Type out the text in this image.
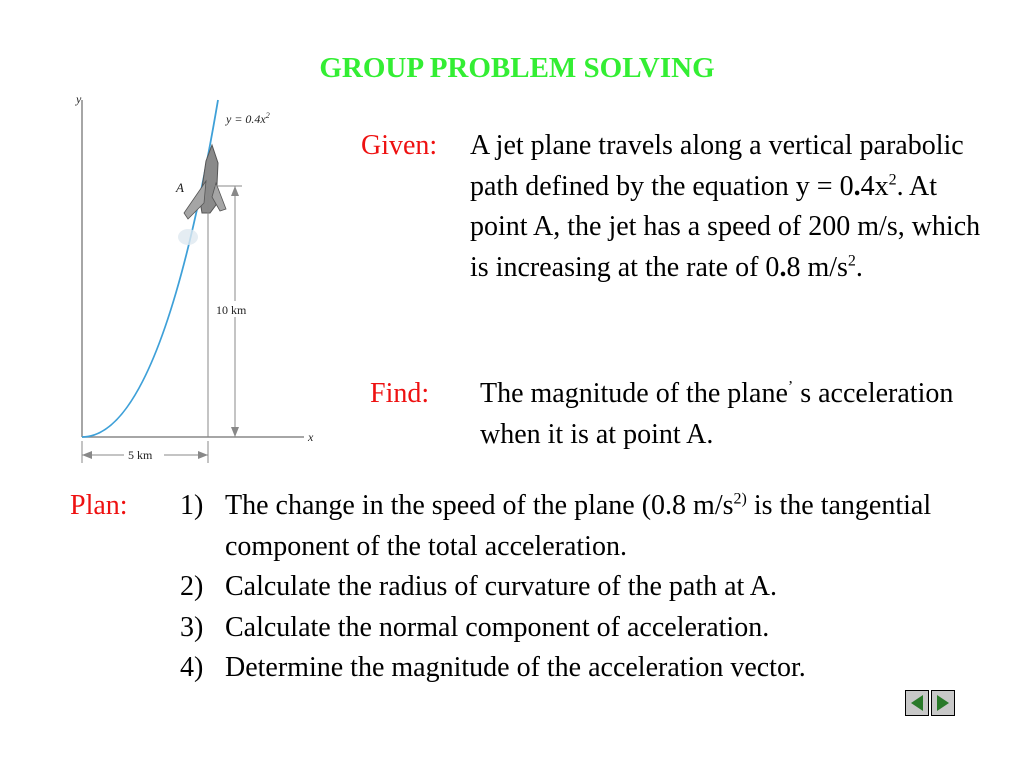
GROUP PROBLEM SOLVING
y
x
$y = 0.4x^2$
A
10 km
5 km
Given: A jet plane travels along a vertical parabolic path defined by the equation $y = 0.4x^2$. At point A, the jet has a speed of 200 m/s, which is increasing at the rate of 0.8 $m/s^2$.
Find: The magnitude of the plane’ s acceleration when it is at point A.
Plan: 1) The change in the speed of the plane (0.8 $m/s^{2)}$ is the tangential component of the total acceleration.
2) Calculate the radius of curvature of the path at A.
3) Calculate the normal component of acceleration.
4) Determine the magnitude of the acceleration vector.
